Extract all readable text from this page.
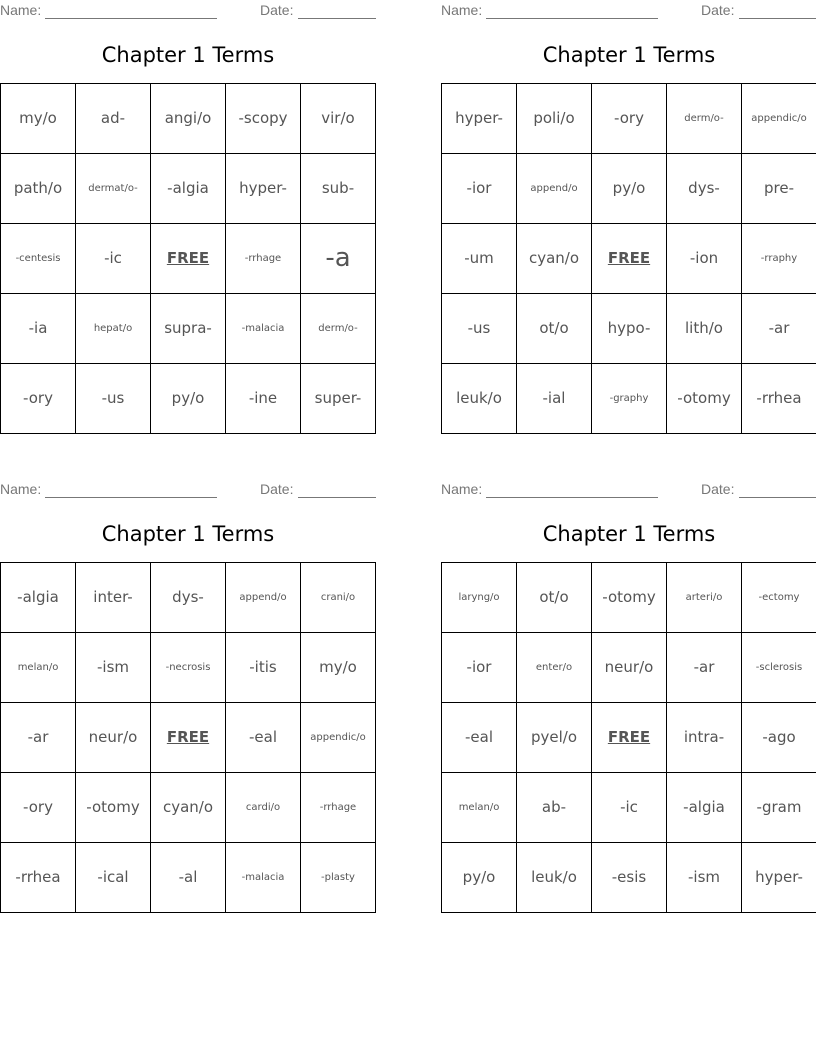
Name:	Date:
Chapter 1 Terms
my/o	ad-	angi/o	-scopy	vir/o
path/o	dermat/o-	-algia	hyper-	sub-
-centesis	-ic	FREE	-rrhage	-a
-ia	hepat/o	supra-	-malacia	derm/o-
-ory	-us	py/o	-ine	super-
Name:	Date:
Chapter 1 Terms
hyper-	poli/o	-ory	derm/o-	appendic/o
-ior	append/o	py/o	dys-	pre-
-um	cyan/o	FREE	-ion	-rraphy
-us	ot/o	hypo-	lith/o	-ar
leuk/o	-ial	-graphy	-otomy	-rrhea
Name:	Date:
Chapter 1 Terms
-algia	inter-	dys-	append/o	crani/o
melan/o	-ism	-necrosis	-itis	my/o
-ar	neur/o	FREE	-eal	appendic/o
-ory	-otomy	cyan/o	cardi/o	-rrhage
-rrhea	-ical	-al	-malacia	-plasty
Name:	Date:
Chapter 1 Terms
laryng/o	ot/o	-otomy	arteri/o	-ectomy
-ior	enter/o	neur/o	-ar	-sclerosis
-eal	pyel/o	FREE	intra-	-ago
melan/o	ab-	-ic	-algia	-gram
py/o	leuk/o	-esis	-ism	hyper-
